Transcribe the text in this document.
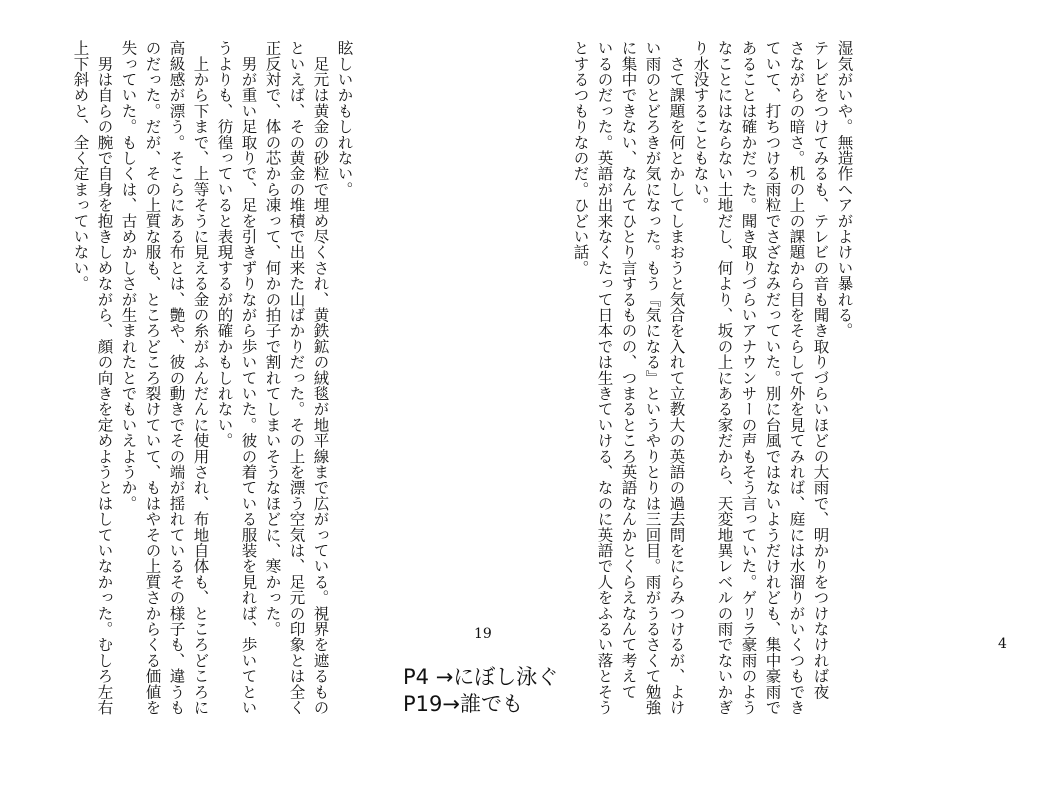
湿気がいや。無造作ヘアがよけい暴れる。
テレビをつけてみるも、テレビの音も聞き取りづらいほどの大雨で、明かりをつけなければ夜
さながらの暗さ。机の上の課題から目をそらして外を見てみれば、庭には水溜りがいくつもでき
ていて、打ちつける雨粒でさざなみだっていた。別に台風ではないようだけれども、集中豪雨で
あることは確かだった。聞き取りづらいアナウンサーの声もそう言っていた。ゲリラ豪雨のよう
なことにはならない土地だし、何より、坂の上にある家だから、天変地異レベルの雨でないかぎ
り水没することもない。
　さて課題を何とかしてしまおうと気合を入れて立教大の英語の過去問をにらみつけるが、よけ
い雨のとどろきが気になった。もう『気になる』というやりとりは三回目。雨がうるさくて勉強
に集中できない、なんてひとり言するものの、つまるところ英語なんかとくらえなんて考えて
いるのだった。英語が出来なくたって日本では生きていける、なのに英語で人をふるい落とそう
とするつもりなのだ。ひどい話。
4
眩しいかもしれない。
　足元は黄金の砂粒で埋め尽くされ、黄鉄鉱の絨毯が地平線まで広がっている。視界を遮るもの
といえば、その黄金の堆積で出来た山ばかりだった。その上を漂う空気は、足元の印象とは全く
正反対で、体の芯から凍って、何かの拍子で割れてしまいそうなほどに、寒かった。
　男が重い足取りで、足を引きずりながら歩いていた。彼の着ている服装を見れば、歩いてとい
うよりも、彷徨っていると表現するが的確かもしれない。
　上から下まで、上等そうに見える金の糸がふんだんに使用され、布地自体も、ところどころに
高級感が漂う。そこらにある布とは、艶や、彼の動きでその端が揺れているその様子も、違うも
のだった。だが、その上質な服も、ところどころ裂けていて、もはやその上質さからくる価値を
失っていた。もしくは、古めかしさが生まれたとでもいえようか。
　男は自らの腕で自身を抱きしめながら、顔の向きを定めようとはしていなかった。むしろ左右
上下斜めと、全く定まっていない。
19
P4 →にぼし泳ぐ
P19→誰でも
